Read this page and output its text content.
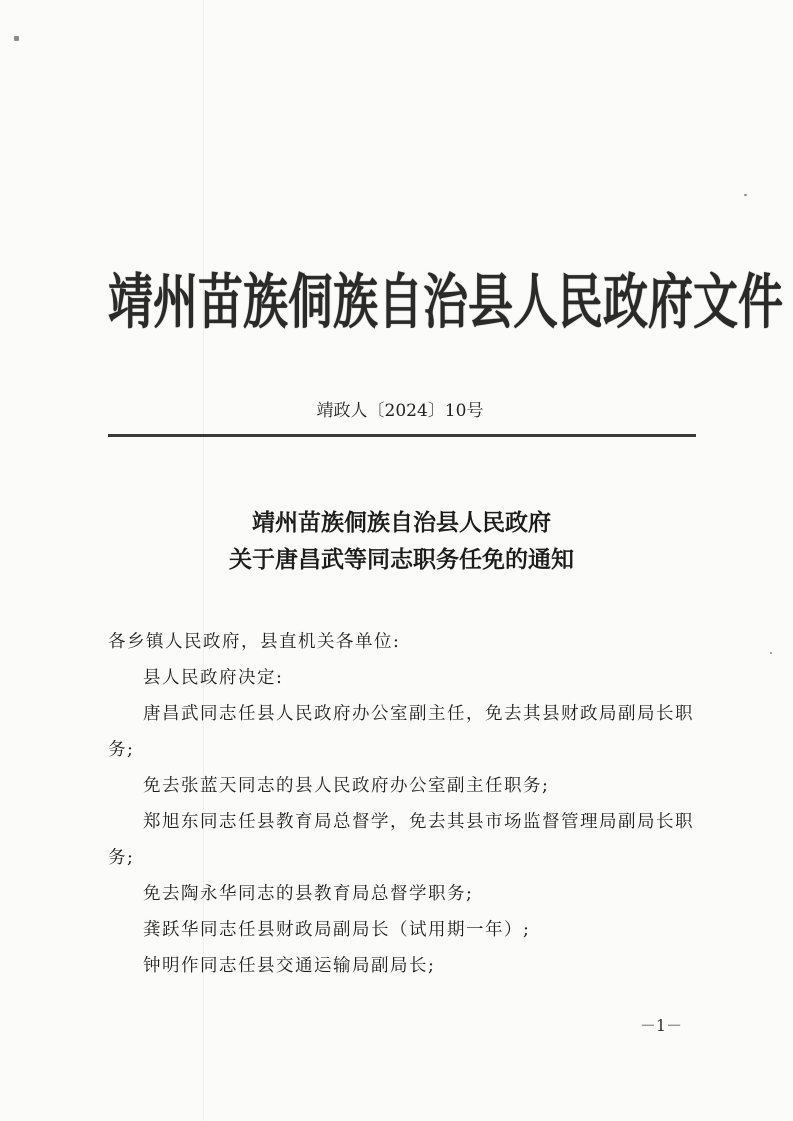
靖州苗族侗族自治县人民政府文件
靖政人〔2024〕10号
靖州苗族侗族自治县人民政府
关于唐昌武等同志职务任免的通知

各乡镇人民政府，县直机关各单位:

县人民政府决定:

唐昌武同志任县人民政府办公室副主任，免去其县财政局副局长职务;

免去张蓝天同志的县人民政府办公室副主任职务;

郑旭东同志任县教育局总督学，免去其县市场监督管理局副局长职务;

免去陶永华同志的县教育局总督学职务;

龚跃华同志任县财政局副局长（试用期一年）;

钟明作同志任县交通运输局副局长;

－1－
